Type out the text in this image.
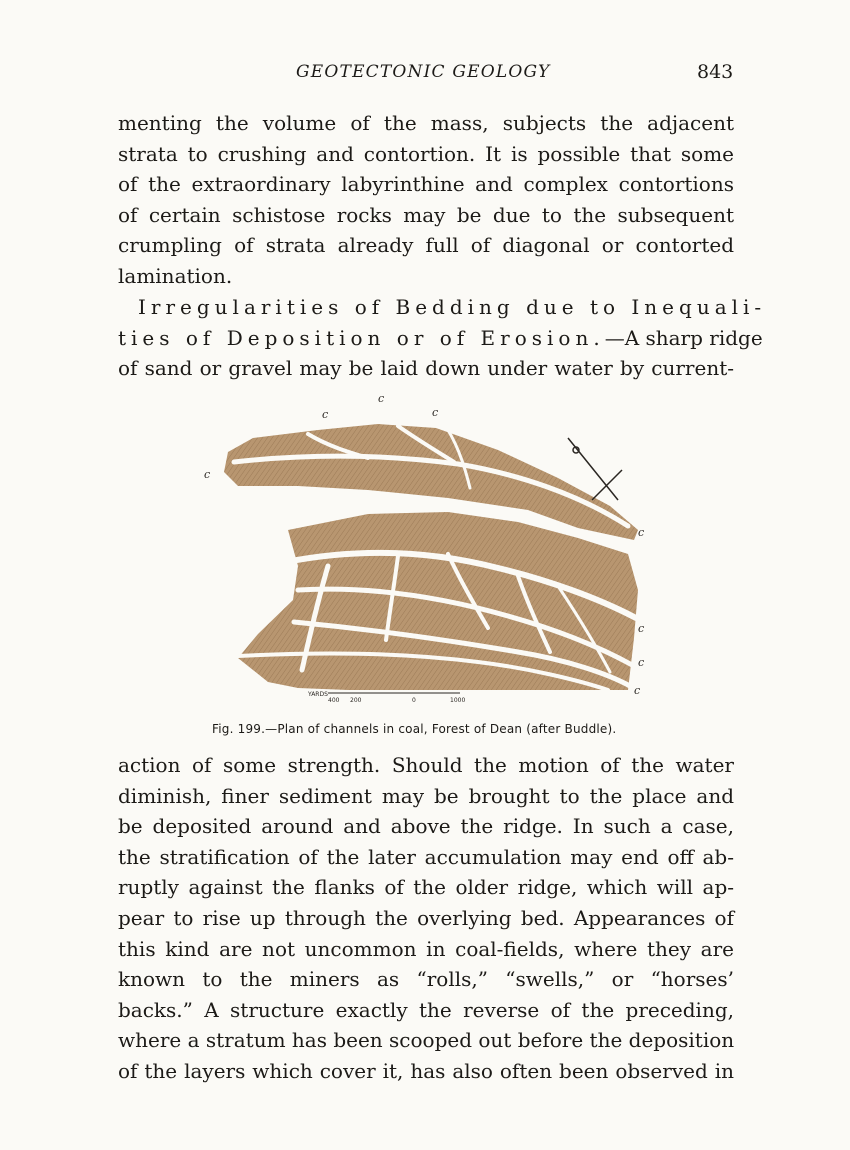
GEOTECTONIC GEOLOGY	843

menting the volume of the mass, subjects the adjacent
strata to crushing and contortion. It is possible that some
of the extraordinary labyrinthine and complex contortions
of certain schistose rocks may be due to the subsequent
crumpling of strata already full of diagonal or contorted
lamination.

Irregularities of Bedding due to Inequali-
ties of Deposition or of Erosion.—A sharp ridge
of sand or gravel may be laid down under water by current-

c
c	c
c
c
c
c
c
YARDS
400 200	0	1000
Fig. 199.—Plan of channels in coal, Forest of Dean (after Buddle).

action of some strength. Should the motion of the water
diminish, finer sediment may be brought to the place and
be deposited around and above the ridge. In such a case,
the stratification of the later accumulation may end off ab-
ruptly against the flanks of the older ridge, which will ap-
pear to rise up through the overlying bed. Appearances of
this kind are not uncommon in coal-fields, where they are
known to the miners as “rolls,” “swells,” or “horses’
backs.” A structure exactly the reverse of the preceding,
where a stratum has been scooped out before the deposition
of the layers which cover it, has also often been observed in
